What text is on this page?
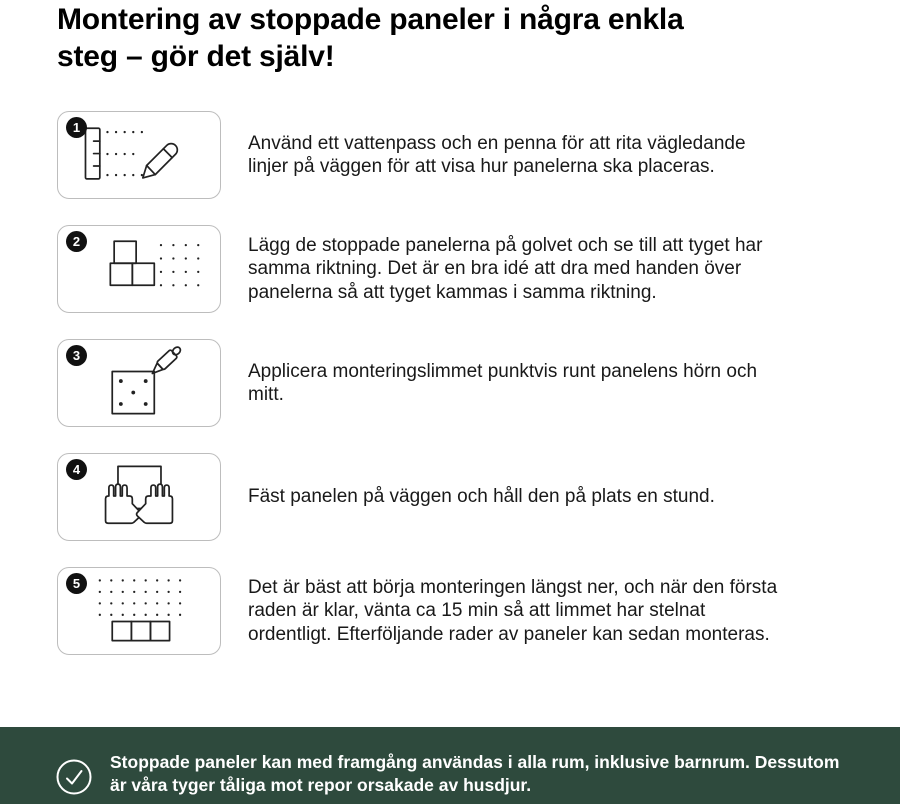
Montering av stoppade paneler i några enkla steg – gör det själv!
1
Använd ett vattenpass och en penna för att rita vägledande linjer på väggen för att visa hur panelerna ska placeras.
2	Lägg de stoppade panelerna på golvet och se till att tyget har samma riktning. Det är en bra idé att dra med handen över panelerna så att tyget kammas i samma riktning.
3
Applicera monteringslimmet punktvis runt panelens hörn och mitt.
4
Fäst panelen på väggen och håll den på plats en stund.
5	Det är bäst att börja monteringen längst ner, och när den första raden är klar, vänta ca 15 min så att limmet har stelnat ordentligt. Efterföljande rader av paneler kan sedan monteras.
Stoppade paneler kan med framgång användas i alla rum, inklusive barnrum. Dessutom är våra tyger tåliga mot repor orsakade av husdjur.
